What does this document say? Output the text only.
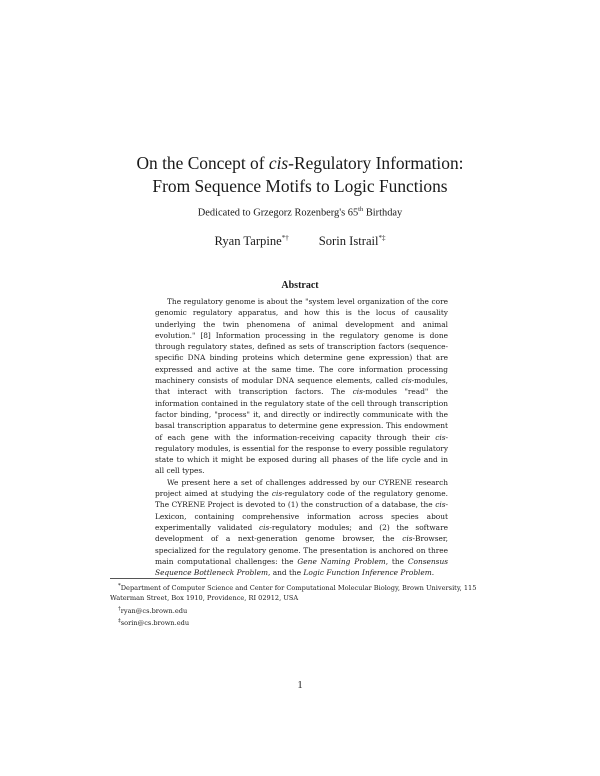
On the Concept of cis-Regulatory Information:
From Sequence Motifs to Logic Functions
Dedicated to Grzegorz Rozenberg's 65th Birthday
Ryan Tarpine*† Sorin Istrail*‡
Abstract

The regulatory genome is about the "system level organization of the core genomic regulatory apparatus, and how this is the locus of causality underlying the twin phenomena of animal development and animal evolution." [8] Information processing in the regulatory genome is done through regulatory states, defined as sets of transcription factors (sequence-specific DNA binding proteins which determine gene expression) that are expressed and active at the same time. The core information processing machinery consists of modular DNA sequence elements, called cis-modules, that interact with transcription factors. The cis-modules "read" the information contained in the regulatory state of the cell through transcription factor binding, "process" it, and directly or indirectly communicate with the basal transcription apparatus to determine gene expression. This endowment of each gene with the information-receiving capacity through their cis-regulatory modules, is essential for the response to every possible regulatory state to which it might be exposed during all phases of the life cycle and in all cell types.

We present here a set of challenges addressed by our CYRENE research project aimed at studying the cis-regulatory code of the regulatory genome. The CYRENE Project is devoted to (1) the construction of a database, the cis-Lexicon, containing comprehensive information across species about experimentally validated cis-regulatory modules; and (2) the software development of a next-generation genome browser, the cis-Browser, specialized for the regulatory genome. The presentation is anchored on three main computational challenges: the Gene Naming Problem, the Consensus Sequence Bottleneck Problem, and the Logic Function Inference Problem.

*Department of Computer Science and Center for Computational Molecular Biology, Brown University, 115 Waterman Street, Box 1910, Providence, RI 02912, USA

†ryan@cs.brown.edu

‡sorin@cs.brown.edu

1
